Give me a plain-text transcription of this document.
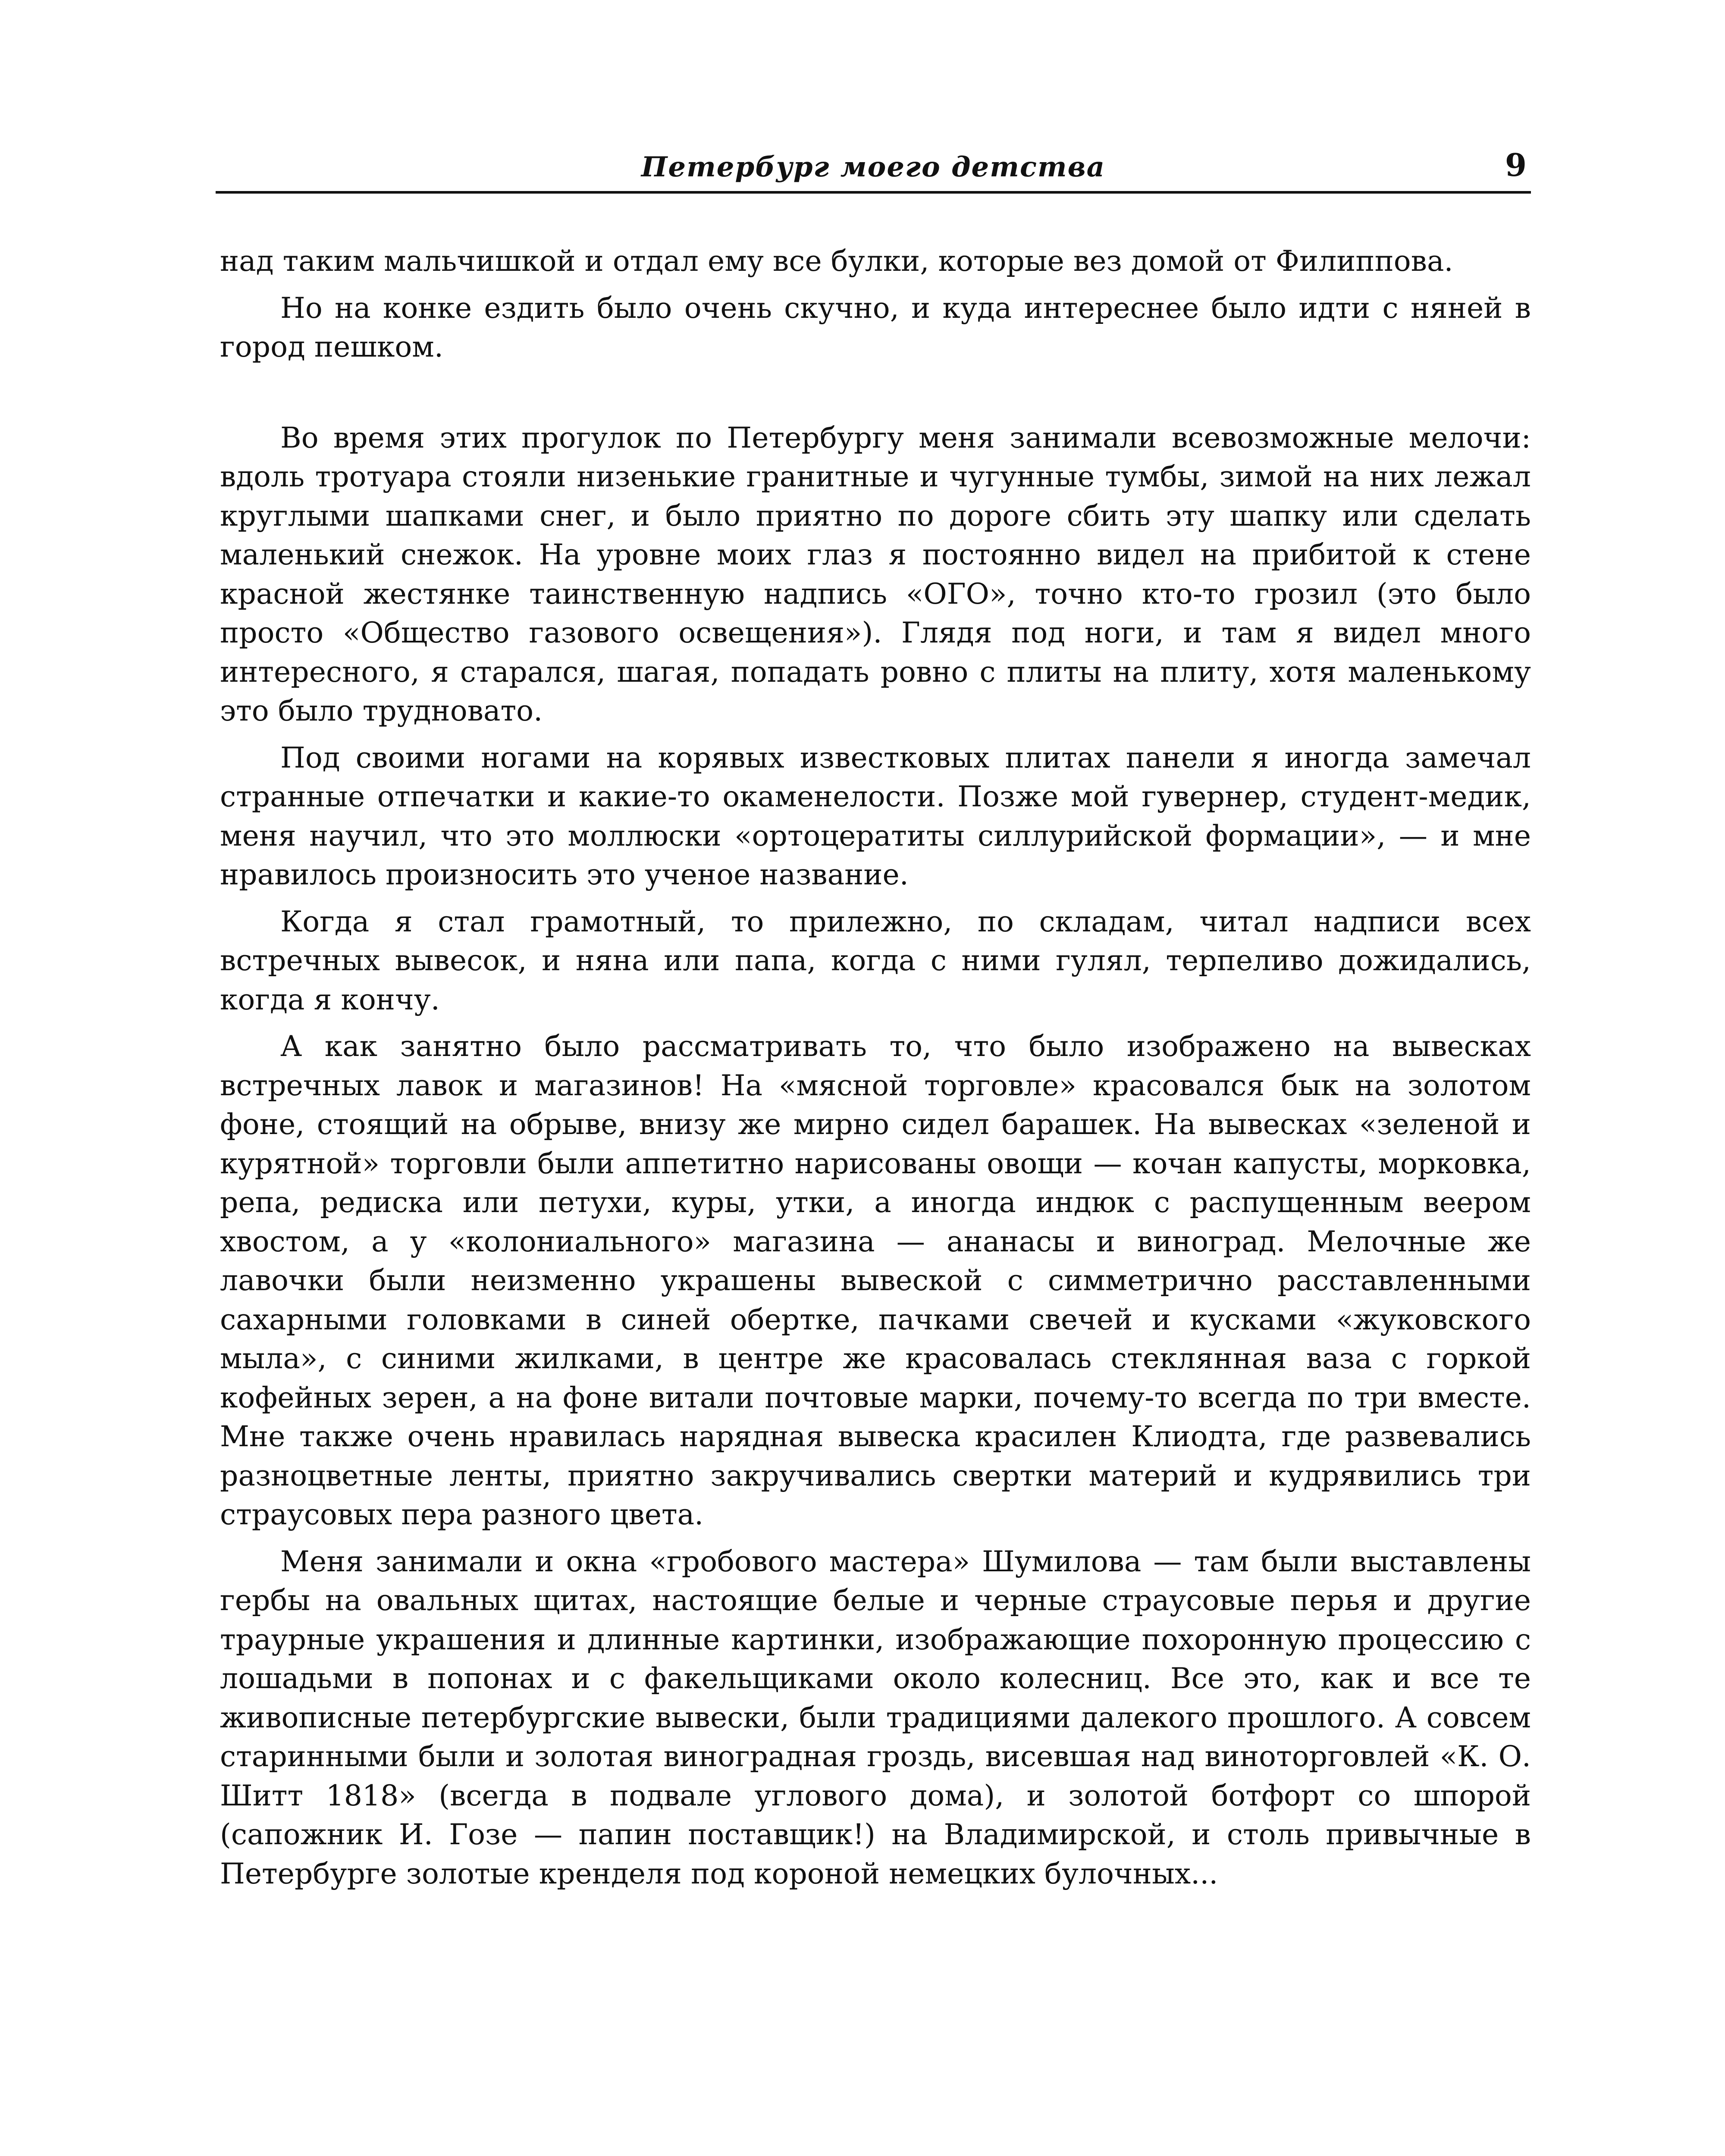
Петербург моего детства	9

над таким мальчишкой и отдал ему все булки, которые вез домой от Филиппова.

Но на конке ездить было очень скучно, и куда интереснее было идти с няней в город пешком.

Во время этих прогулок по Петербургу меня занимали всевозможные мелочи: вдоль тротуара стояли низенькие гранитные и чугунные тумбы, зимой на них лежал круглыми шапками снег, и было приятно по дороге сбить эту шапку или сделать маленький снежок. На уровне моих глаз я постоянно видел на прибитой к стене красной жестянке таинственную надпись «ОГО», точно кто-то грозил (это было просто «Общество газового освещения»). Глядя под ноги, и там я видел много интересного, я старался, шагая, попадать ровно с плиты на плиту, хотя маленькому это было трудновато.

Под своими ногами на корявых известковых плитах панели я иногда замечал странные отпечатки и какие-то окаменелости. Позже мой гувернер, студент-медик, меня научил, что это моллюски «ортоцератиты силлурийской формации», — и мне нравилось произносить это ученое название.

Когда я стал грамотный, то прилежно, по складам, читал надписи всех встречных вывесок, и няна или папа, когда с ними гулял, терпеливо дожидались, когда я кончу.

А как занятно было рассматривать то, что было изображено на вывесках встречных лавок и магазинов! На «мясной торговле» красовался бык на золотом фоне, стоящий на обрыве, внизу же мирно сидел барашек. На вывесках «зеленой и курятной» торговли были аппетитно нарисованы овощи — кочан капусты, морковка, репа, редиска или петухи, куры, утки, а иногда индюк с распущенным веером хвостом, а у «колониального» магазина — ананасы и виноград. Мелочные же лавочки были неизменно украшены вывеской с симметрично расставленными сахарными головками в синей обертке, пачками свечей и кусками «жуковского мыла», с синими жилками, в центре же красовалась стеклянная ваза с горкой кофейных зерен, а на фоне витали почтовые марки, почему-то всегда по три вместе. Мне также очень нравилась нарядная вывеска красилен Клиодта, где развевались разноцветные ленты, приятно закручивались свертки материй и кудрявились три страусовых пера разного цвета.

Меня занимали и окна «гробового мастера» Шумилова — там были выставлены гербы на овальных щитах, настоящие белые и черные страусовые перья и другие траурные украшения и длинные картинки, изображающие похоронную процессию с лошадьми в попонах и с факельщиками около колесниц. Все это, как и все те живописные петербургские вывески, были традициями далекого прошлого. А совсем старинными были и золотая виноградная гроздь, висевшая над виноторговлей «К. О. Шитт 1818» (всегда в подвале углового дома), и золотой ботфорт со шпорой (сапожник И. Гозе — папин поставщик!) на Владимирской, и столь привычные в Петербурге золотые кренделя под короной немецких булочных...
